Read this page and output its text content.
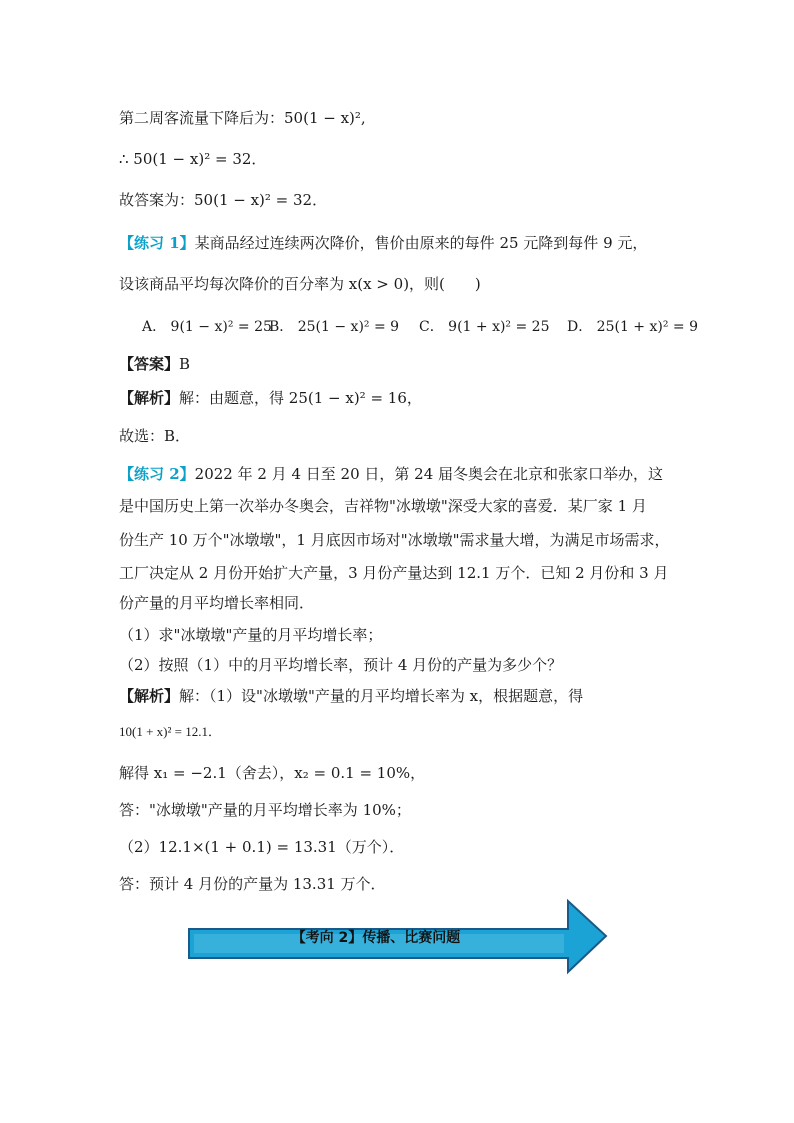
第二周客流量下降后为：50(1 − x)²,
∴ 50(1 − x)² = 32．
故答案为：50(1 − x)² = 32．
【练习 1】某商品经过连续两次降价，售价由原来的每件 25 元降到每件 9 元，
设该商品平均每次降价的百分率为 x(x > 0)，则(　　)
A． 9(1 − x)² = 25B． 25(1 − x)² = 9 C． 9(1 + x)² = 25 D． 25(1 + x)² = 9
【答案】B
【解析】解：由题意，得 25(1 − x)² = 16，
故选：B．
【练习 2】2022 年 2 月 4 日至 20 日，第 24 届冬奥会在北京和张家口举办，这
是中国历史上第一次举办冬奥会，吉祥物"冰墩墩"深受大家的喜爱．某厂家 1 月
份生产 10 万个"冰墩墩"，1 月底因市场对"冰墩墩"需求量大增，为满足市场需求，
工厂决定从 2 月份开始扩大产量，3 月份产量达到 12.1 万个．已知 2 月份和 3 月
份产量的月平均增长率相同．
（1）求"冰墩墩"产量的月平均增长率；
（2）按照（1）中的月平均增长率，预计 4 月份的产量为多少个？
【解析】解：（1）设"冰墩墩"产量的月平均增长率为 x，根据题意，得
10(1 + x)² = 12.1．
解得 x₁ = −2.1（舍去），x₂ = 0.1 = 10%，
答："冰墩墩"产量的月平均增长率为 10%；
（2）12.1×(1 + 0.1) = 13.31（万个）．
答：预计 4 月份的产量为 13.31 万个．
【考向 2】传播、比赛问题
